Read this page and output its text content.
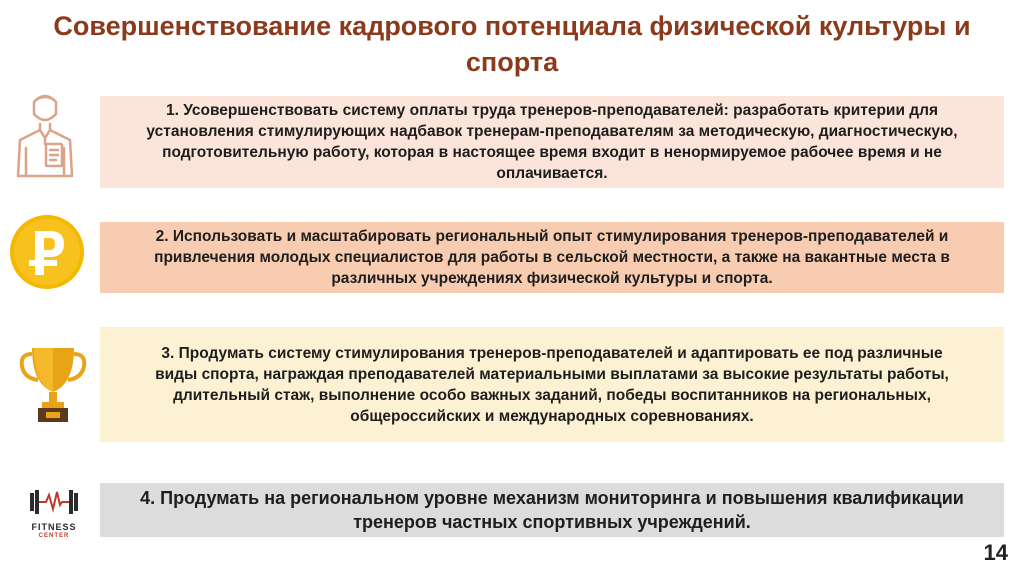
Совершенствование кадрового потенциала физической культуры и спорта
FITNESS
CENTER
1. Усовершенствовать систему оплаты труда тренеров-преподавателей: разработать критерии для установления стимулирующих надбавок тренерам-преподавателям за методическую, диагностическую, подготовительную работу, которая в настоящее время входит в ненормируемое рабочее время и не оплачивается.
2. Использовать и масштабировать региональный опыт стимулирования тренеров-преподавателей и привлечения молодых специалистов для работы в сельской местности, а также на вакантные места в различных учреждениях физической культуры и спорта.
3. Продумать систему стимулирования тренеров-преподавателей и адаптировать ее под различные виды спорта, награждая преподавателей материальными выплатами за высокие результаты работы, длительный стаж, выполнение особо важных заданий, победы воспитанников на региональных, общероссийских и международных соревнованиях.
4. Продумать на региональном уровне механизм мониторинга и повышения квалификации тренеров частных спортивных учреждений.
14
